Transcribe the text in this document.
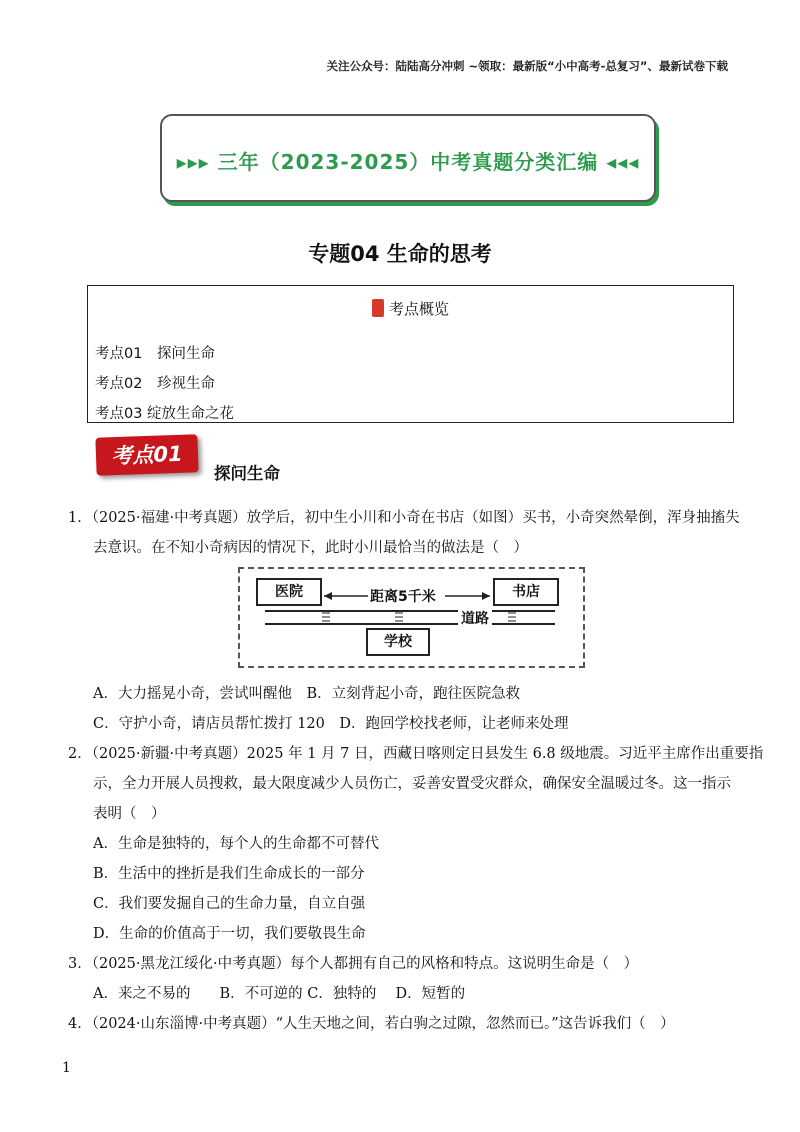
关注公众号：陆陆高分冲刺 ~领取：最新版“小中高考-总复习”、最新试卷下载
▸▸▸ 三年（2023-2025）中考真题分类汇编 ◂◂◂
专题04 生命的思考
考点概览
考点01　探问生命
考点02　珍视生命
考点03 绽放生命之花
考点01
探问生命
1．（2025·福建·中考真题）放学后，初中生小川和小奇在书店（如图）买书，小奇突然晕倒，浑身抽搐失
去意识。在不知小奇病因的情况下，此时小川最恰当的做法是（　）
医院	书店
距离5千米
道路
学校
A．大力摇晃小奇，尝试叫醒他　B．立刻背起小奇，跑往医院急救
C．守护小奇，请店员帮忙拨打 120　D．跑回学校找老师，让老师来处理
2．（2025·新疆·中考真题）2025 年 1 月 7 日，西藏日喀则定日县发生 6.8 级地震。习近平主席作出重要指
示，全力开展人员搜救，最大限度减少人员伤亡，妥善安置受灾群众，确保安全温暖过冬。这一指示
表明（　）
A．生命是独特的，每个人的生命都不可替代
B．生活中的挫折是我们生命成长的一部分
C．我们要发掘自己的生命力量，自立自强
D．生命的价值高于一切，我们要敬畏生命
3．（2025·黑龙江绥化·中考真题）每个人都拥有自己的风格和特点。这说明生命是（　）
A．来之不易的　　B．不可逆的 C．独特的　 D．短暂的
4．（2024·山东淄博·中考真题）“人生天地之间，若白驹之过隙，忽然而已。”这告诉我们（　）
1
